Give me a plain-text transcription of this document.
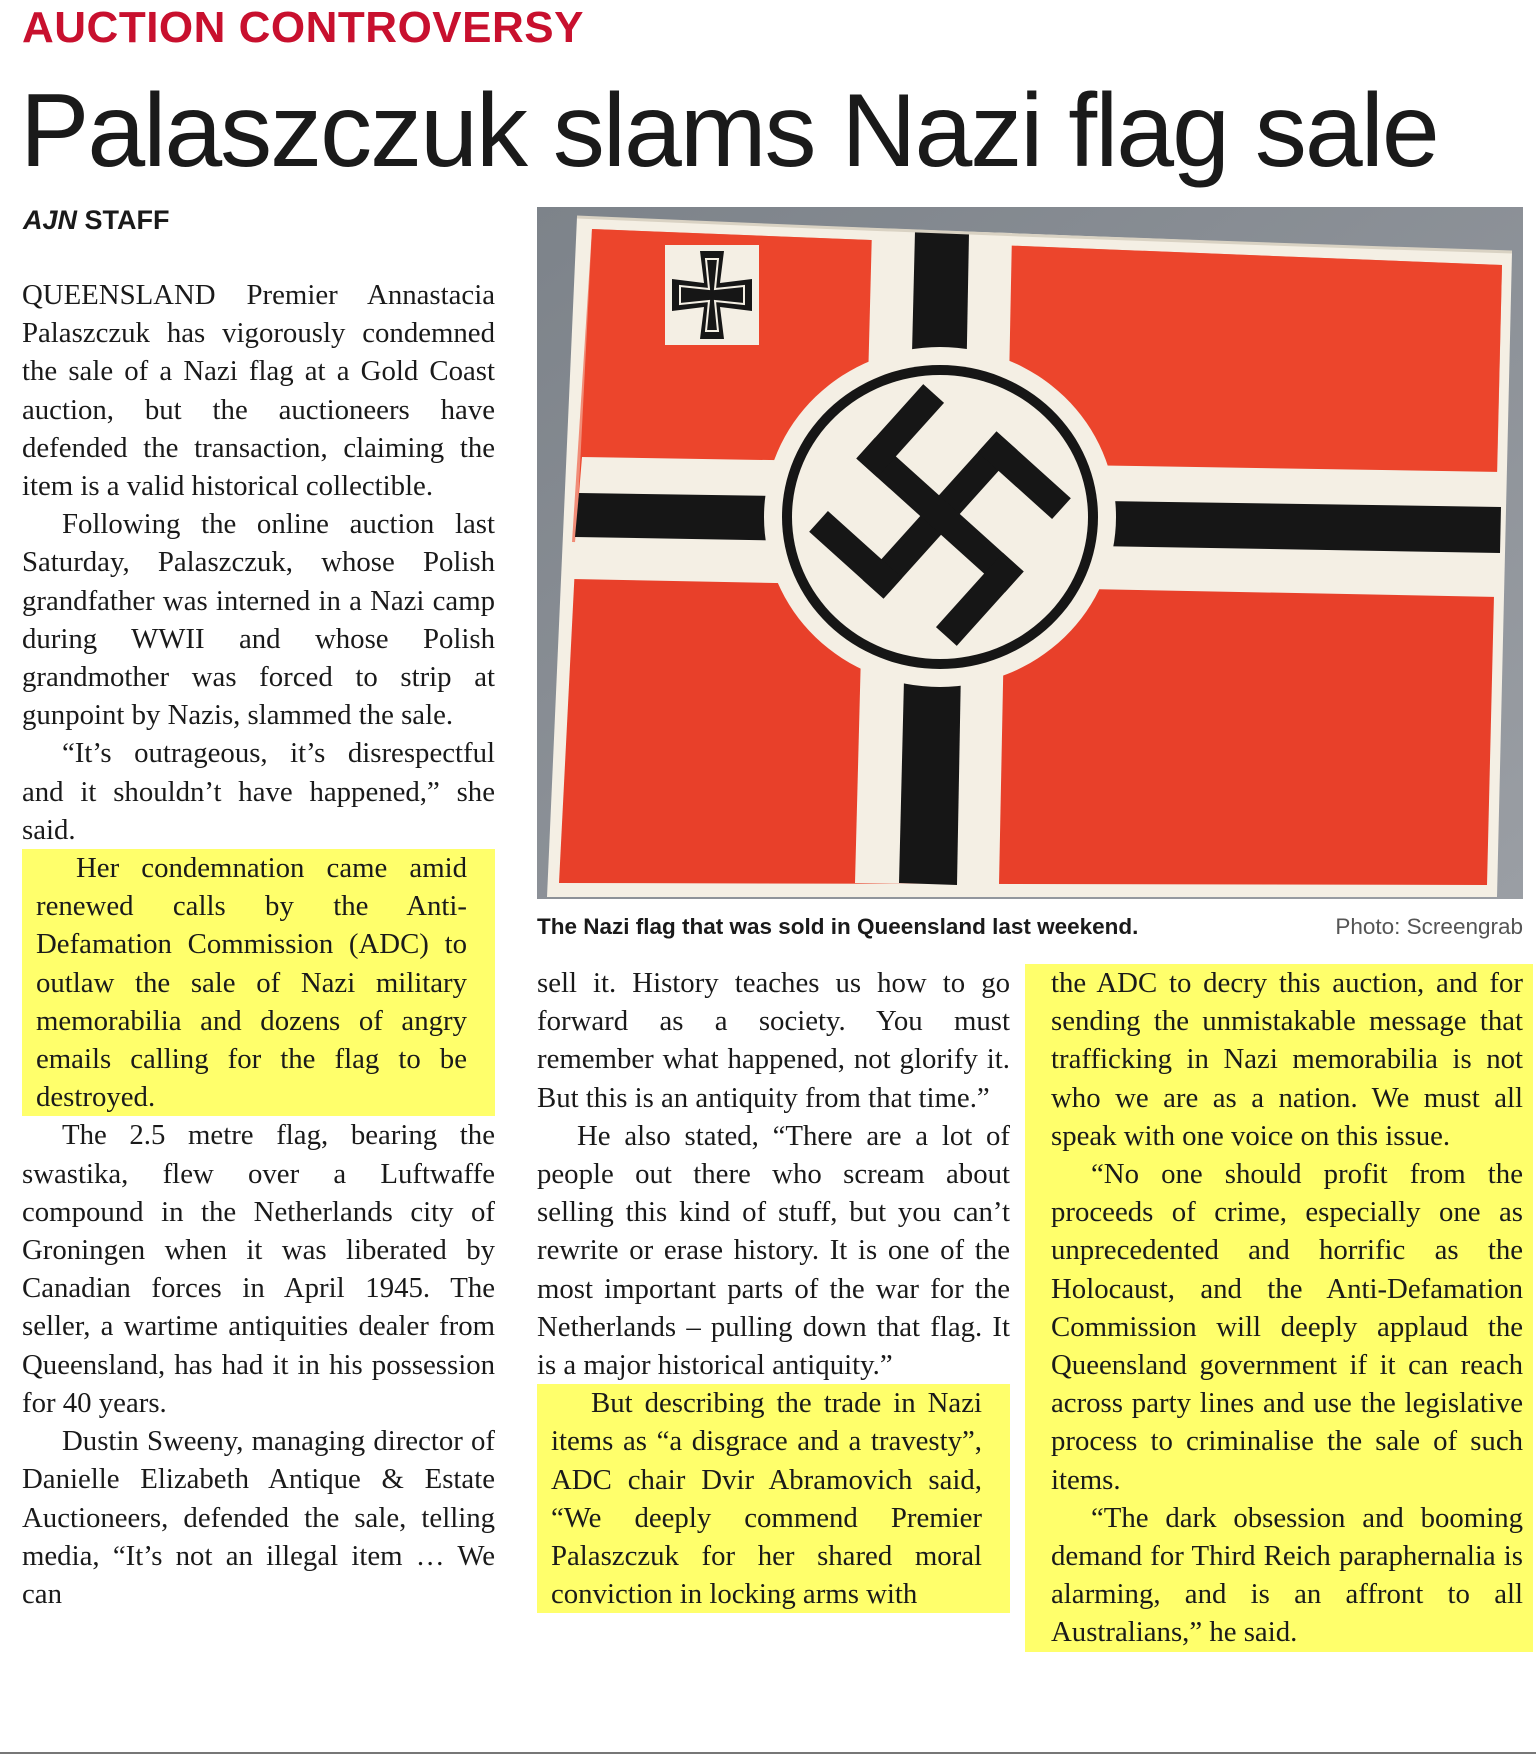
AUCTION CONTROVERSY
Palaszczuk slams Nazi flag sale
AJN STAFF

QUEENSLAND Premier Annastacia Palaszczuk has vigorously condemned the sale of a Nazi flag at a Gold Coast auction, but the auctioneers have defended the transaction, claiming the item is a valid historical collectible.

Following the online auction last Saturday, Palaszczuk, whose Polish grandfather was interned in a Nazi camp during WWII and whose Polish grandmother was forced to strip at gunpoint by Nazis, slammed the sale.

“It’s outrageous, it’s disrespectful and it shouldn’t have happened,” she said.

Her condemnation came amid renewed calls by the Anti-Defamation Commission (ADC) to outlaw the sale of Nazi military memorabilia and dozens of angry emails calling for the flag to be destroyed.

The 2.5 metre flag, bearing the swastika, flew over a Luftwaffe compound in the Netherlands city of Groningen when it was liberated by Canadian forces in April 1945. The seller, a wartime antiquities dealer from Queensland, has had it in his possession for 40 years.

Dustin Sweeny, managing director of Danielle Elizabeth Antique & Estate Auctioneers, defended the sale, telling media, “It’s not an illegal item … We can

The Nazi flag that was sold in Queensland last weekend.	Photo: Screengrab

sell it. History teaches us how to go forward as a society. You must remember what happened, not glorify it. But this is an antiquity from that time.”

He also stated, “There are a lot of people out there who scream about selling this kind of stuff, but you can’t rewrite or erase history. It is one of the most important parts of the war for the Netherlands – pulling down that flag. It is a major historical antiquity.”

But describing the trade in Nazi items as “a disgrace and a travesty”, ADC chair Dvir Abramovich said, “We deeply commend Premier Palaszczuk for her shared moral conviction in locking arms with

the ADC to decry this auction, and for sending the unmistakable message that trafficking in Nazi memorabilia is not who we are as a nation. We must all speak with one voice on this issue.

“No one should profit from the proceeds of crime, especially one as unprecedented and horrific as the Holocaust, and the Anti-Defamation Commission will deeply applaud the Queensland government if it can reach across party lines and use the legislative process to criminalise the sale of such items.

“The dark obsession and booming demand for Third Reich paraphernalia is alarming, and is an affront to all Australians,” he said.
